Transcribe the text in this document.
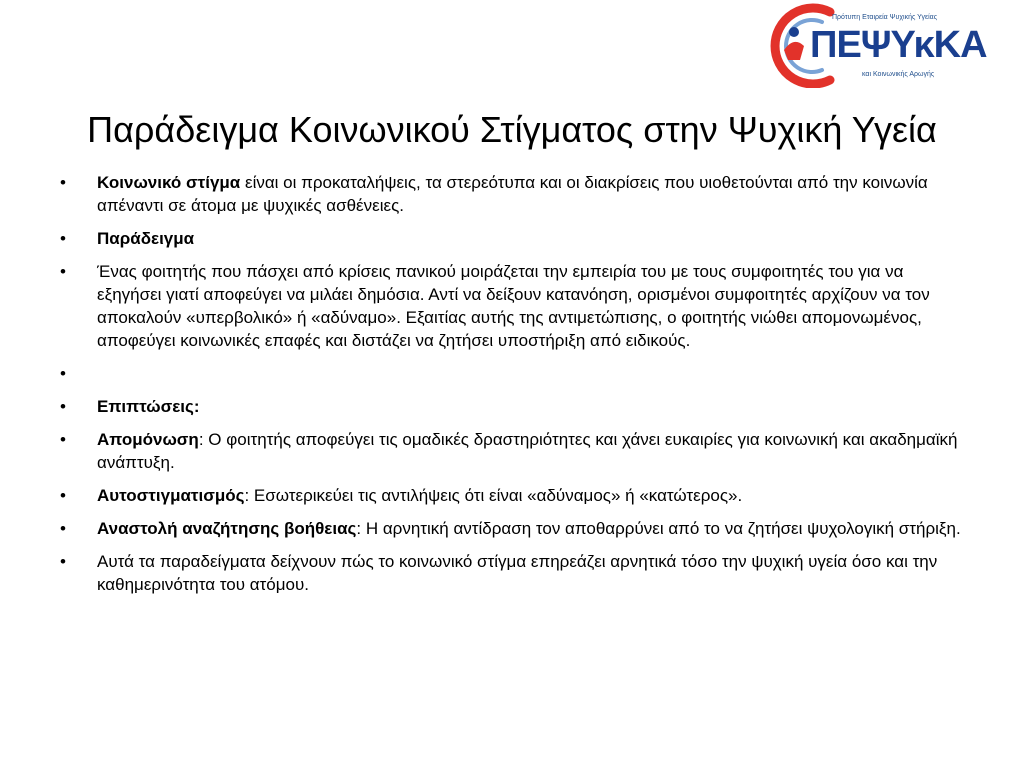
Πρότυπη Εταιρεία Ψυχικής Υγείας
ΠΕΨΥκΚΑ
και Κοινωνικής Αρωγής
Παράδειγμα Κοινωνικού Στίγματος στην Ψυχική Υγεία
•	Κοινωνικό στίγμα είναι οι προκαταλήψεις, τα στερεότυπα και οι διακρίσεις που υιοθετούνται από την κοινωνία απέναντι σε άτομα με ψυχικές ασθένειες.
•	Παράδειγμα
•	Ένας φοιτητής που πάσχει από κρίσεις πανικού μοιράζεται την εμπειρία του με τους συμφοιτητές του για να εξηγήσει γιατί αποφεύγει να μιλάει δημόσια. Αντί να δείξουν κατανόηση, ορισμένοι συμφοιτητές αρχίζουν να τον αποκαλούν «υπερβολικό» ή «αδύναμο». Εξαιτίας αυτής της αντιμετώπισης, ο φοιτητής νιώθει απομονωμένος, αποφεύγει κοινωνικές επαφές και διστάζει να ζητήσει υποστήριξη από ειδικούς.
•
•	Επιπτώσεις:
•	Απομόνωση: Ο φοιτητής αποφεύγει τις ομαδικές δραστηριότητες και χάνει ευκαιρίες για κοινωνική και ακαδημαϊκή ανάπτυξη.
•	Αυτοστιγματισμός: Εσωτερικεύει τις αντιλήψεις ότι είναι «αδύναμος» ή «κατώτερος».
•	Αναστολή αναζήτησης βοήθειας: Η αρνητική αντίδραση τον αποθαρρύνει από το να ζητήσει ψυχολογική στήριξη.
•	Αυτά τα παραδείγματα δείχνουν πώς το κοινωνικό στίγμα επηρεάζει αρνητικά τόσο την ψυχική υγεία όσο και την καθημερινότητα του ατόμου.
